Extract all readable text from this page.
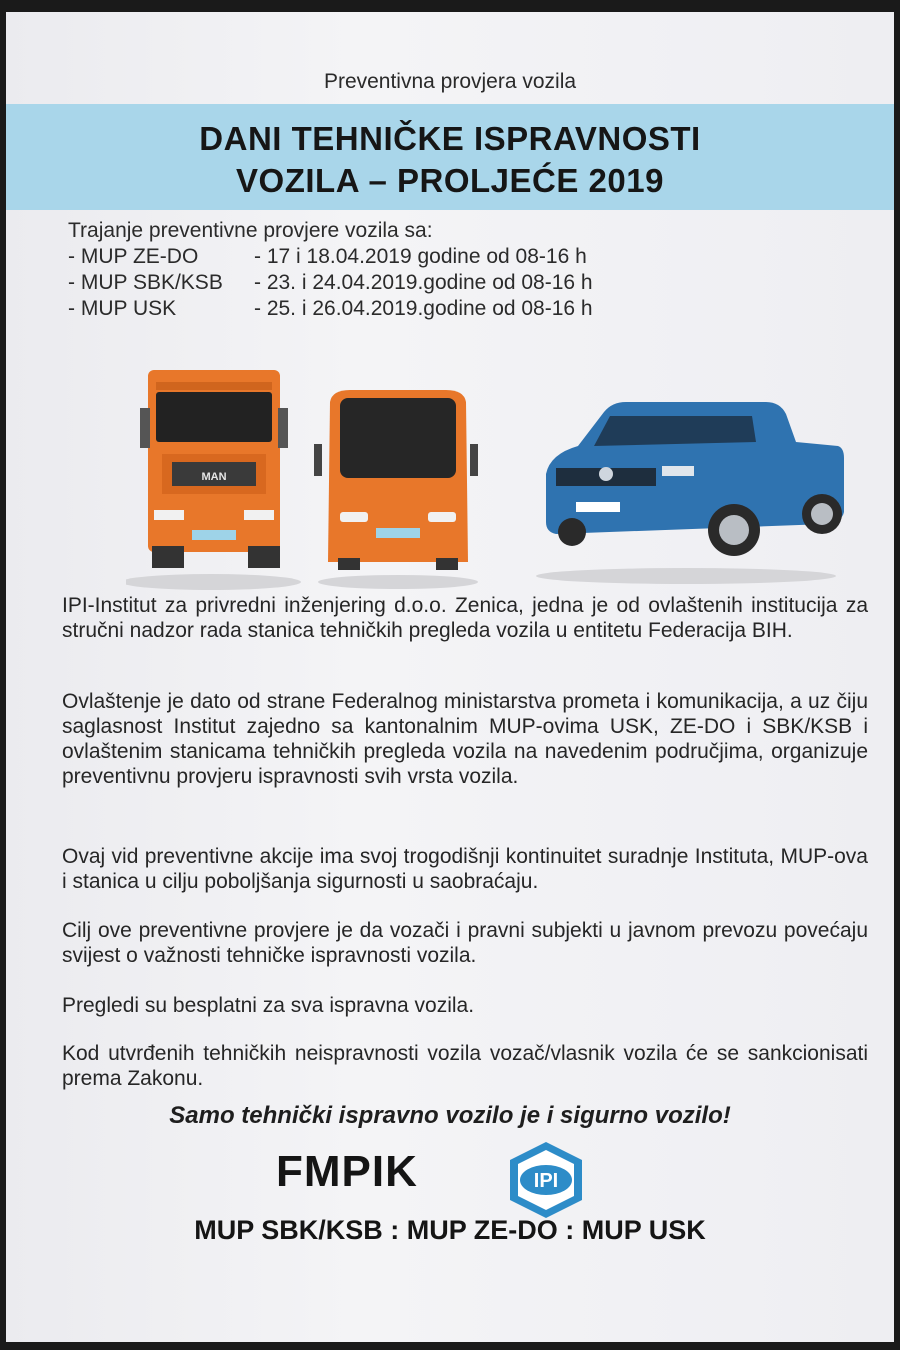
Preventivna provjera vozila
DANI TEHNIČKE ISPRAVNOSTI
VOZILA – PROLJEĆE 2019
Trajanje preventivne provjere vozila sa:
- MUP ZE-DO	- 17 i 18.04.2019 godine od 08-16 h
- MUP SBK/KSB - 23. i 24.04.2019.godine od 08-16 h
- MUP USK	- 25. i 26.04.2019.godine od 08-16 h
MAN
IPI-Institut za privredni inženjering d.o.o. Zenica, jedna je od ovlaštenih institucija za stručni nadzor rada stanica tehničkih pregleda vozila u entitetu Federacija BIH.
Ovlaštenje je dato od strane Federalnog ministarstva prometa i komunikacija, a uz čiju saglasnost Institut zajedno sa kantonalnim MUP-ovima USK, ZE-DO i SBK/KSB i ovlaštenim stanicama tehničkih pregleda vozila na navedenim područjima, organizuje preventivnu provjeru ispravnosti svih vrsta vozila.
Ovaj vid preventivne akcije ima svoj trogodišnji kontinuitet suradnje Instituta, MUP-ova i stanica u cilju poboljšanja sigurnosti u saobraćaju.
Cilj ove preventivne provjere je da vozači i pravni subjekti u javnom prevozu povećaju svijest o važnosti tehničke ispravnosti vozila.
Pregledi su besplatni za sva ispravna vozila.
Kod utvrđenih tehničkih neispravnosti vozila vozač/vlasnik vozila će se sankcionisati prema Zakonu.
Samo tehnički ispravno vozilo je i sigurno vozilo!
FMPIK	IPI
MUP SBK/KSB : MUP ZE-DO : MUP USK
